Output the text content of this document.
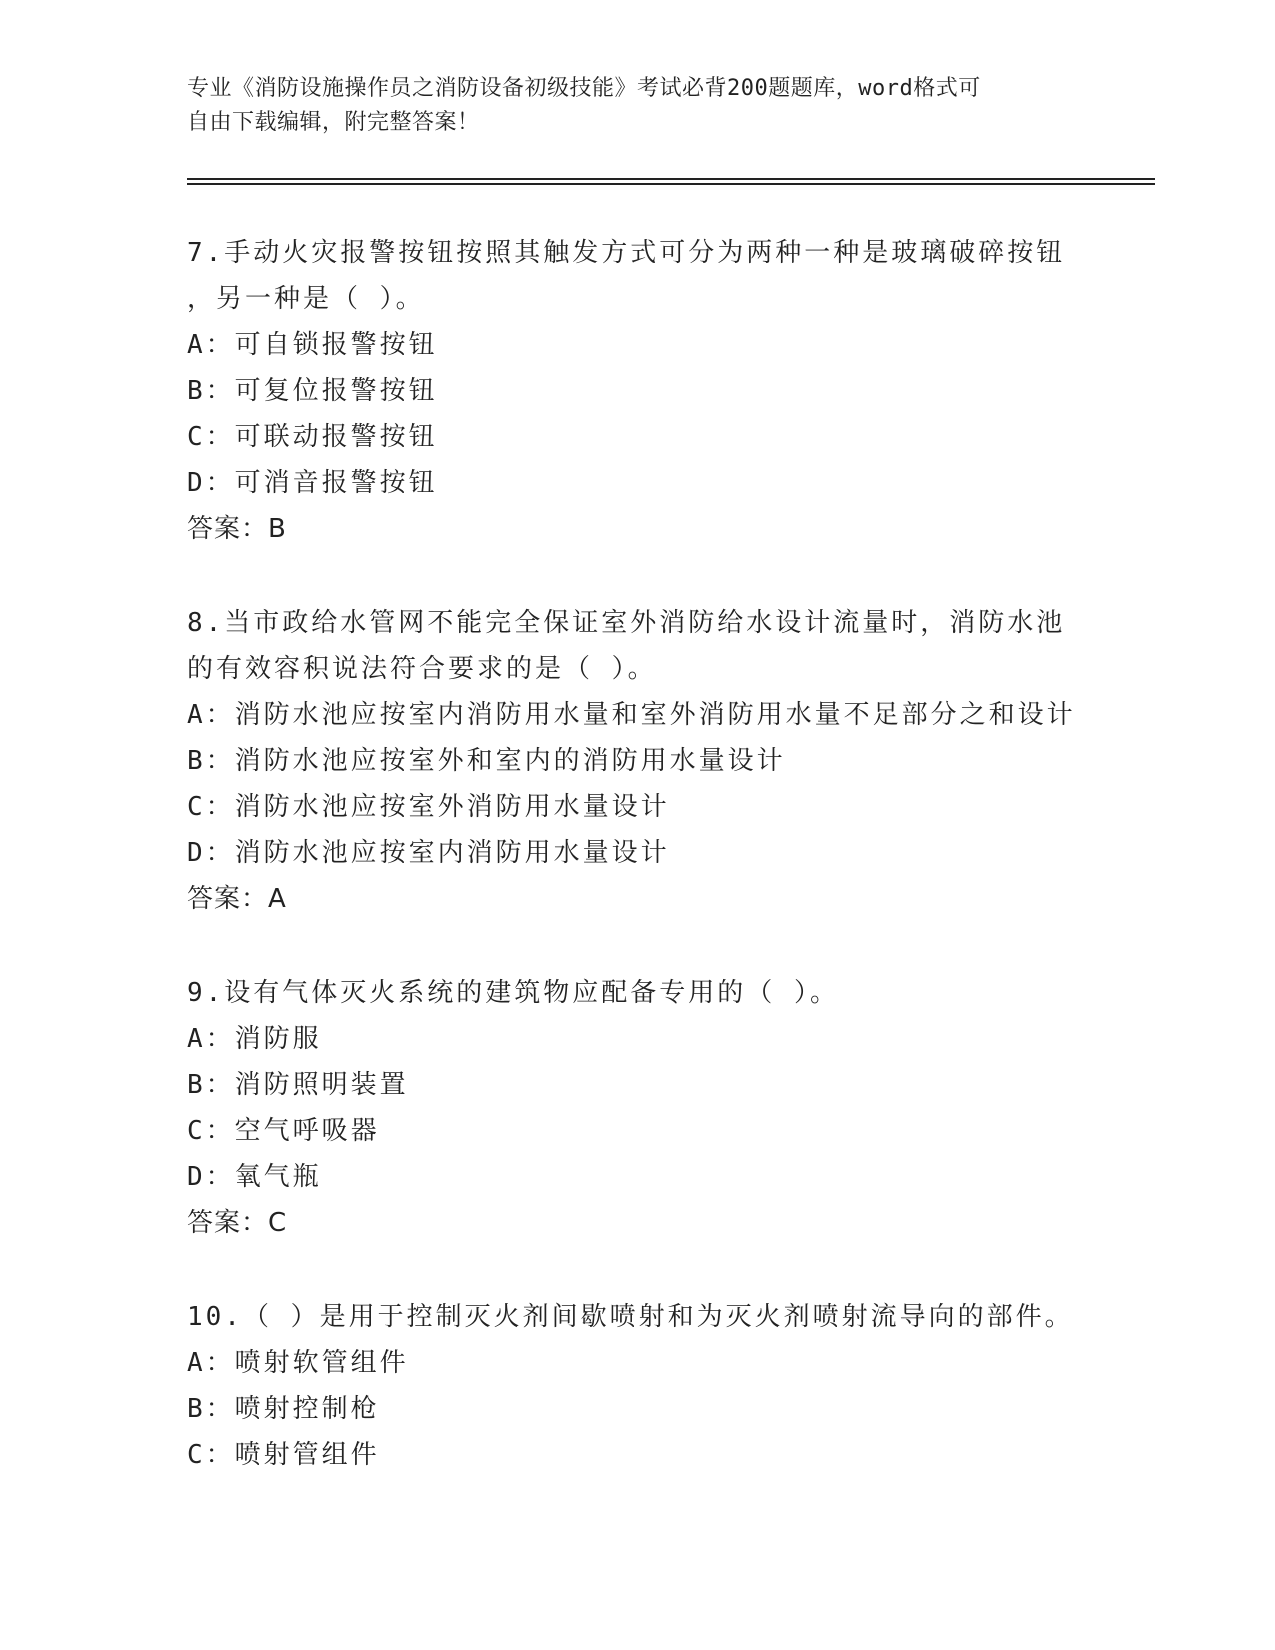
专业《消防设施操作员之消防设备初级技能》考试必背200题题库，word格式可
自由下载编辑，附完整答案！
7.手动火灾报警按钮按照其触发方式可分为两种一种是玻璃破碎按钮
，另一种是（ ）。
A：可自锁报警按钮
B：可复位报警按钮
C：可联动报警按钮
D：可消音报警按钮
答案：B
8.当市政给水管网不能完全保证室外消防给水设计流量时，消防水池
的有效容积说法符合要求的是（ ）。
A：消防水池应按室内消防用水量和室外消防用水量不足部分之和设计
B：消防水池应按室外和室内的消防用水量设计
C：消防水池应按室外消防用水量设计
D：消防水池应按室内消防用水量设计
答案：A
9.设有气体灭火系统的建筑物应配备专用的（ ）。
A：消防服
B：消防照明装置
C：空气呼吸器
D：氧气瓶
答案：C
10.（ ）是用于控制灭火剂间歇喷射和为灭火剂喷射流导向的部件。
A：喷射软管组件
B：喷射控制枪
C：喷射管组件
